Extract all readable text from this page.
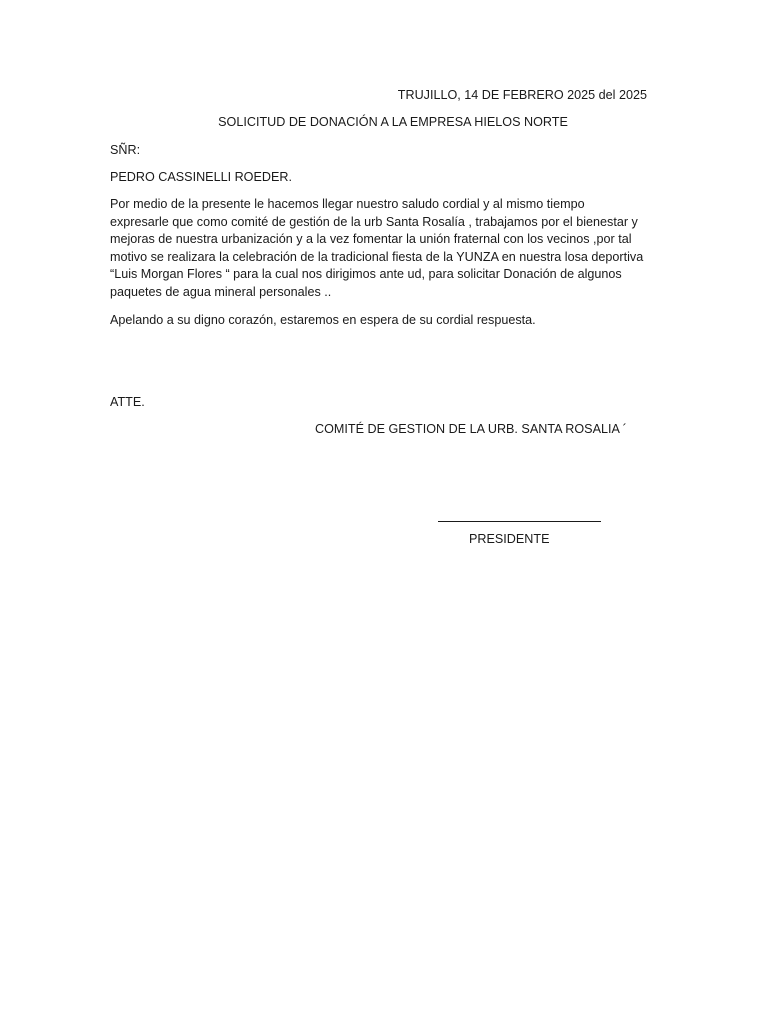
TRUJILLO, 14 DE FEBRERO 2025 del 2025
SOLICITUD DE DONACIÓN A LA EMPRESA HIELOS NORTE
SÑR:
PEDRO CASSINELLI ROEDER.
Por medio de la presente le hacemos llegar nuestro saludo cordial y al mismo tiempo
expresarle que como comité de gestión de la urb Santa Rosalía , trabajamos por el bienestar y
mejoras de nuestra urbanización y a la vez fomentar la unión fraternal con los vecinos ,por tal
motivo se realizara la celebración de la tradicional fiesta de la YUNZA en nuestra losa deportiva
“Luis Morgan Flores “ para la cual nos dirigimos ante ud, para solicitar Donación de algunos
paquetes de agua mineral personales ..
Apelando a su digno corazón, estaremos en espera de su cordial respuesta.
ATTE.
COMITÉ DE GESTION DE LA URB. SANTA ROSALIA ´
PRESIDENTE
